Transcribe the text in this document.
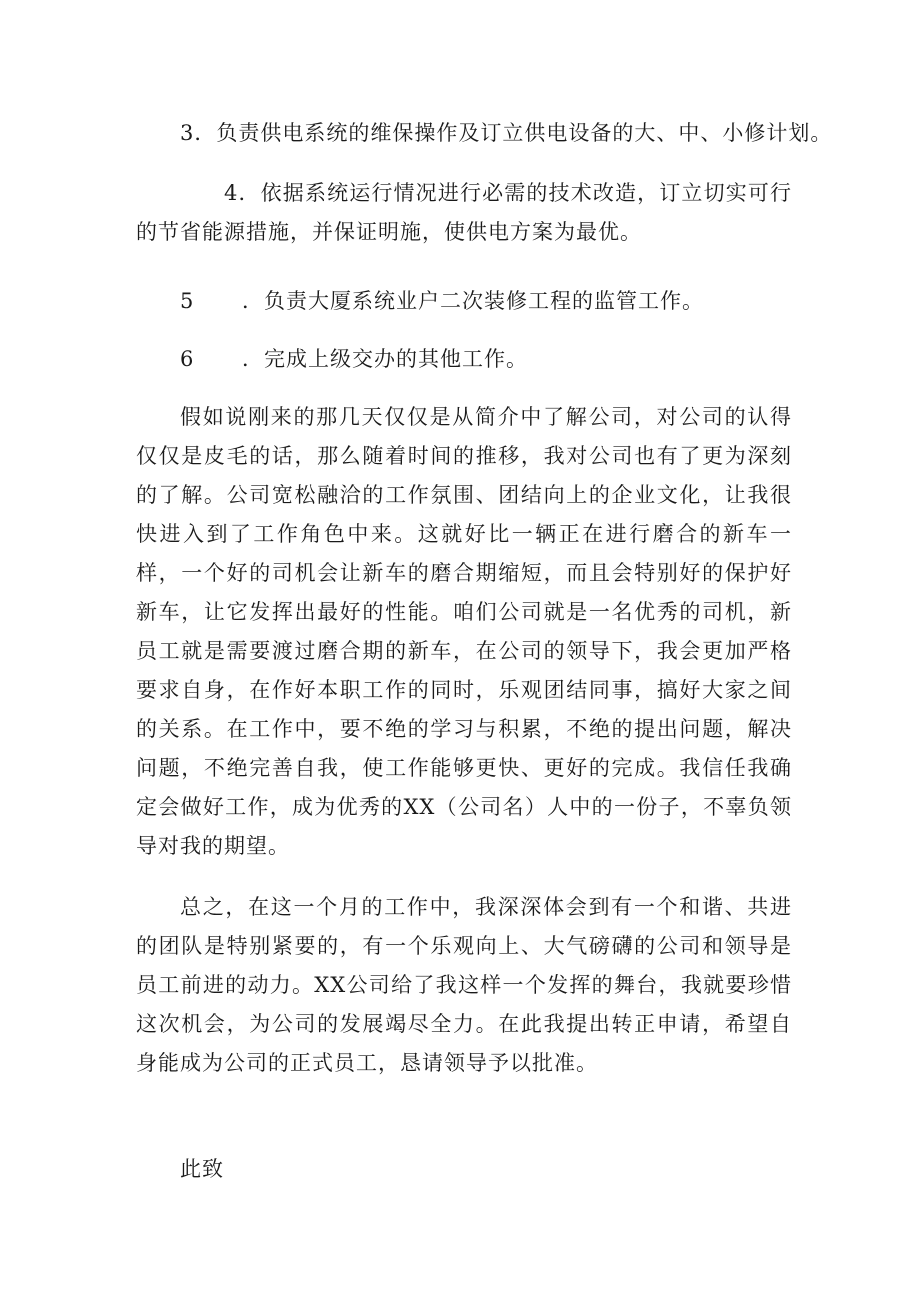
3．负责供电系统的维保操作及订立供电设备的大、中、小修计划。

4．依据系统运行情况进行必需的技术改造，订立切实可行的节省能源措施，并保证明施，使供电方案为最优。

5 ．负责大厦系统业户二次装修工程的监管工作。

6 ．完成上级交办的其他工作。

假如说刚来的那几天仅仅是从简介中了解公司，对公司的认得仅仅是皮毛的话，那么随着时间的推移，我对公司也有了更为深刻的了解。公司宽松融洽的工作氛围、团结向上的企业文化，让我很快进入到了工作角色中来。这就好比一辆正在进行磨合的新车一样，一个好的司机会让新车的磨合期缩短，而且会特别好的保护好新车，让它发挥出最好的性能。咱们公司就是一名优秀的司机，新员工就是需要渡过磨合期的新车，在公司的领导下，我会更加严格要求自身，在作好本职工作的同时，乐观团结同事，搞好大家之间的关系。在工作中，要不绝的学习与积累，不绝的提出问题，解决问题，不绝完善自我，使工作能够更快、更好的完成。我信任我确定会做好工作，成为优秀的XX（公司名）人中的一份子，不辜负领导对我的期望。

总之，在这一个月的工作中，我深深体会到有一个和谐、共进的团队是特别紧要的，有一个乐观向上、大气磅礴的公司和领导是员工前进的动力。XX公司给了我这样一个发挥的舞台，我就要珍惜这次机会，为公司的发展竭尽全力。在此我提出转正申请，希望自身能成为公司的正式员工，恳请领导予以批准。

此致
